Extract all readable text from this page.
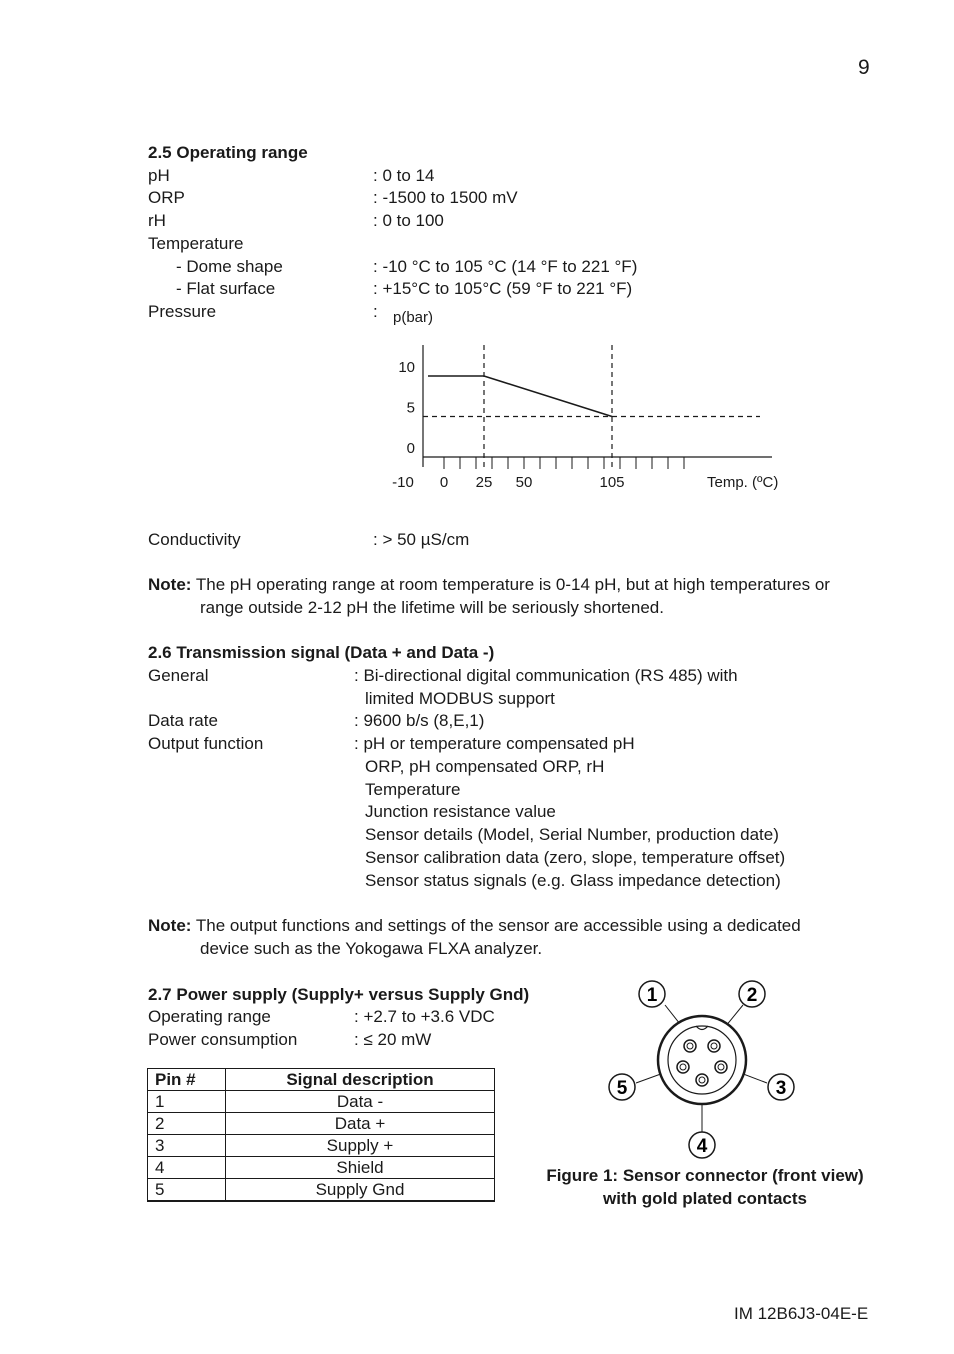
9
2.5 Operating range
pH	: 0 to 14
ORP	: -1500 to 1500 mV
rH	: 0 to 100
Temperature
- Dome shape	: -10 °C to 105 °C (14 °F to 221 °F)
- Flat surface	: +15°C to 105°C (59 °F to 221 °F)
Pressure	:
10
5
0
-10 0 25 50	105
p(bar)
Temp. (ºC)
Conductivity	: > 50 µS/cm
Note: The pH operating range at room temperature is 0-14 pH, but at high temperatures or
range outside 2-12 pH the lifetime will be seriously shortened.
2.6 Transmission signal (Data + and Data -)
General	: Bi-directional digital communication (RS 485) with
limited MODBUS support
Data rate	: 9600 b/s (8,E,1)
Output function	: pH or temperature compensated pH
ORP, pH compensated ORP, rH
Temperature
Junction resistance value
Sensor details (Model, Serial Number, production date)
Sensor calibration data (zero, slope, temperature offset)
Sensor status signals (e.g. Glass impedance detection)
Note: The output functions and settings of the sensor are accessible using a dedicated
device such as the Yokogawa FLXA analyzer.
2.7 Power supply (Supply+ versus Supply Gnd)
Operating range	: +2.7 to +3.6 VDC
Power consumption	: ≤ 20 mW
Pin #	Signal description
1	Data -
2	Data +
3	Supply +
4	Shield
5	Supply Gnd
1	2
3
4
5
Figure 1: Sensor connector (front view)
with gold plated contacts
IM 12B6J3-04E-E
